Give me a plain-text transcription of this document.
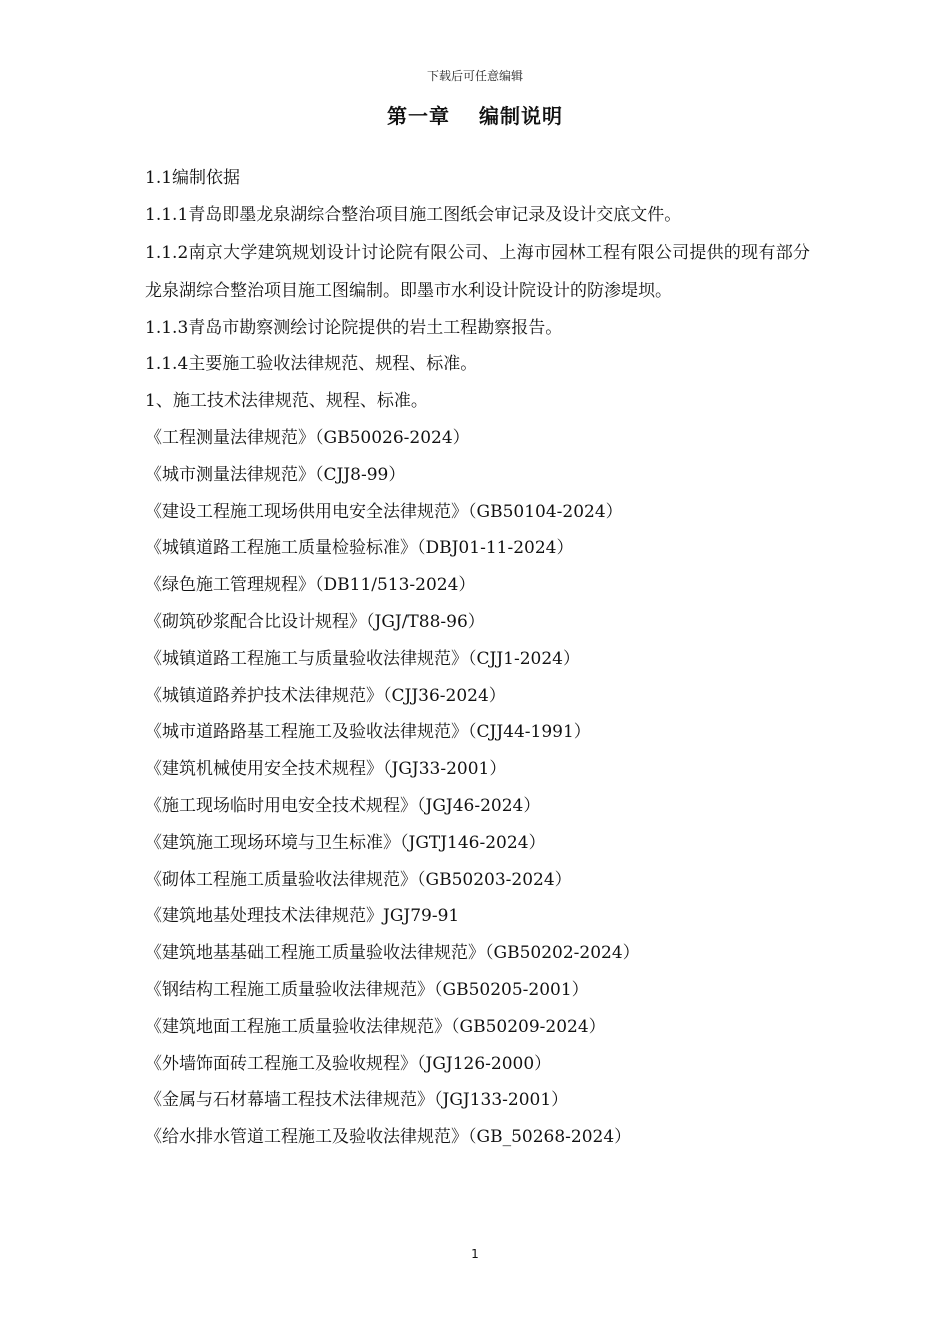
下载后可任意编辑
第一章　 编制说明

1.1编制依据

1.1.1青岛即墨龙泉湖综合整治项目施工图纸会审记录及设计交底文件。

1.1.2南京大学建筑规划设计讨论院有限公司、上海市园林工程有限公司提供的现有部分龙泉湖综合整治项目施工图编制。即墨市水利设计院设计的防渗堤坝。

1.1.3青岛市勘察测绘讨论院提供的岩土工程勘察报告。

1.1.4主要施工验收法律规范、规程、标准。

1、施工技术法律规范、规程、标准。

《工程测量法律规范》（GB50026-2024）

《城市测量法律规范》（CJJ8-99）

《建设工程施工现场供用电安全法律规范》（GB50104-2024）

《城镇道路工程施工质量检验标准》（DBJ01-11-2024）

《绿色施工管理规程》（DB11/513-2024）

《砌筑砂浆配合比设计规程》（JGJ/T88-96）

《城镇道路工程施工与质量验收法律规范》（CJJ1-2024）

《城镇道路养护技术法律规范》（CJJ36-2024）

《城市道路路基工程施工及验收法律规范》（CJJ44-1991）

《建筑机械使用安全技术规程》（JGJ33-2001）

《施工现场临时用电安全技术规程》（JGJ46-2024）

《建筑施工现场环境与卫生标准》（JGTJ146-2024）

《砌体工程施工质量验收法律规范》（GB50203-2024）

《建筑地基处理技术法律规范》JGJ79-91

《建筑地基基础工程施工质量验收法律规范》（GB50202-2024）

《钢结构工程施工质量验收法律规范》（GB50205-2001）

《建筑地面工程施工质量验收法律规范》（GB50209-2024）

《外墙饰面砖工程施工及验收规程》（JGJ126-2000）

《金属与石材幕墙工程技术法律规范》（JGJ133-2001）

《给水排水管道工程施工及验收法律规范》（GB_50268-2024）

1
